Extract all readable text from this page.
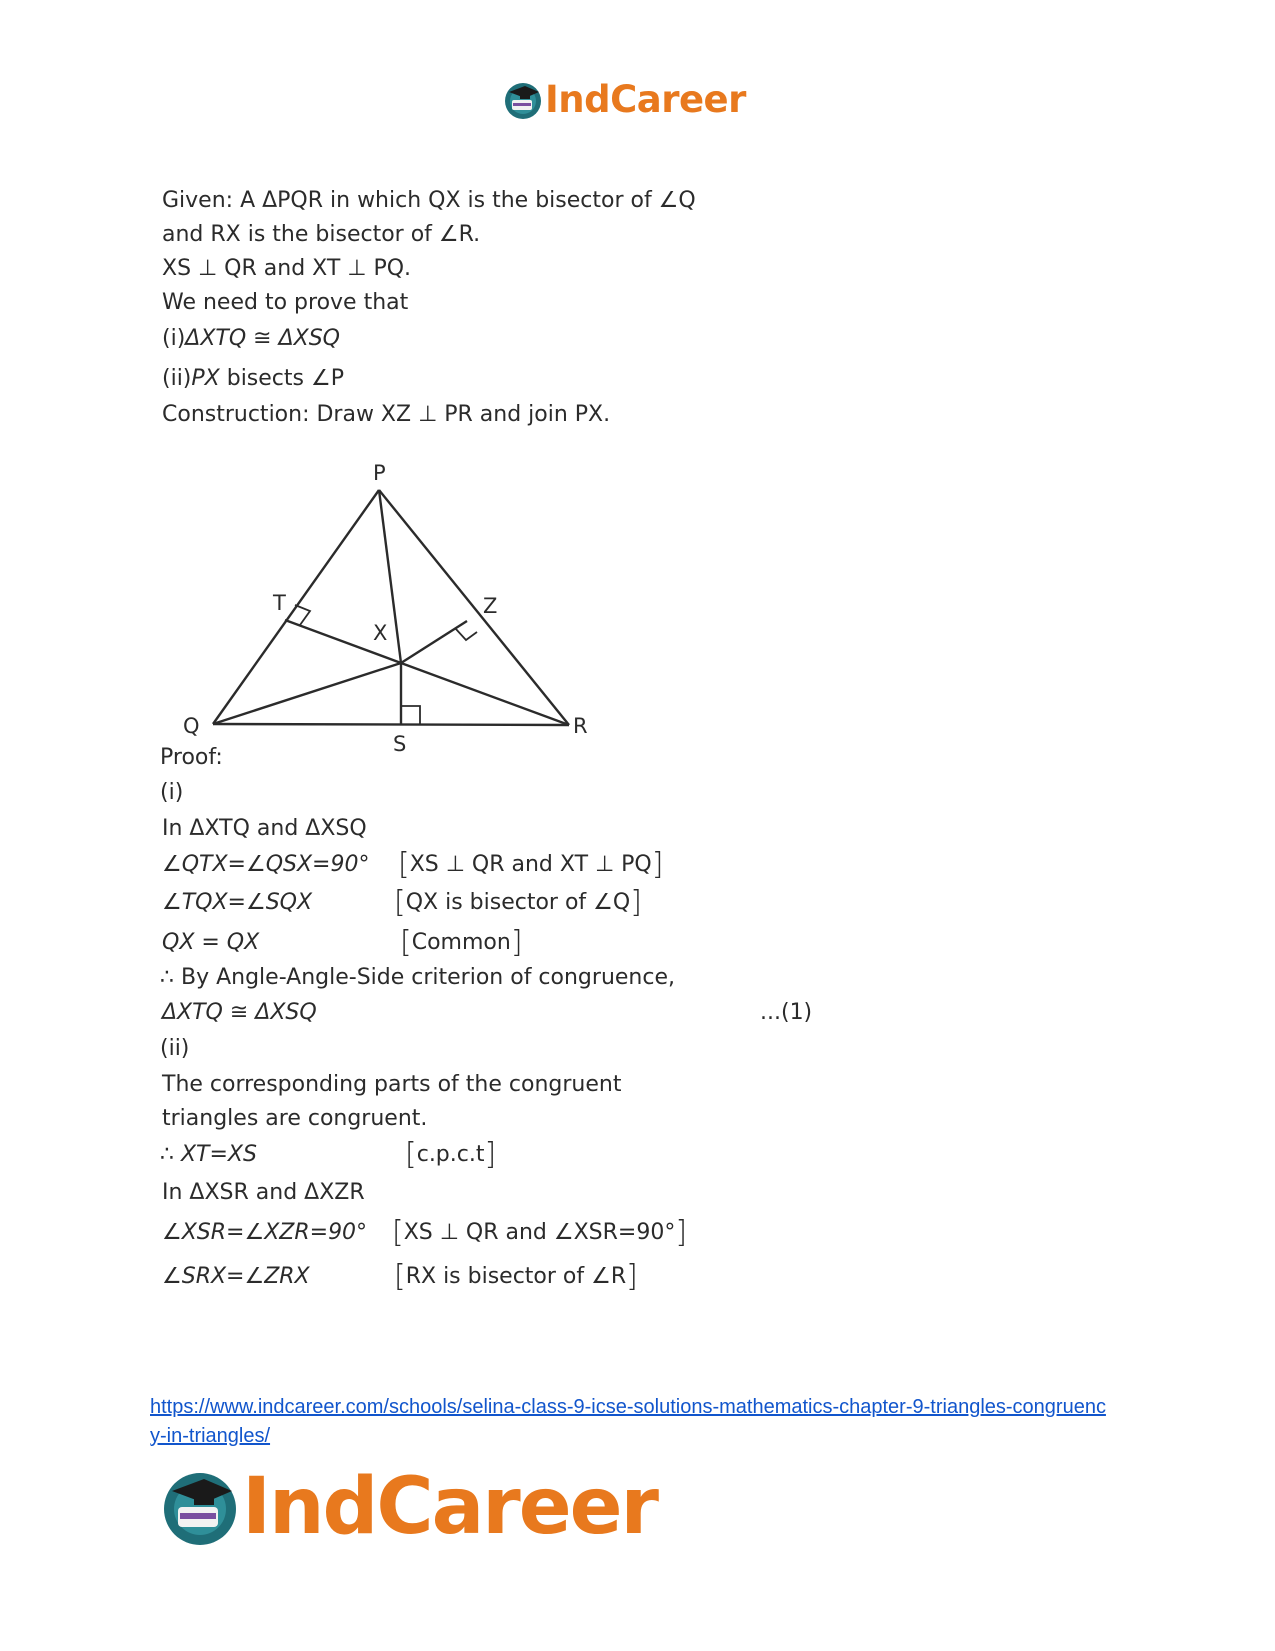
IndCareer
Given: A ΔPQR in which QX is the bisector of ∠Q
and RX is the bisector of ∠R.
XS ⊥ QR and XT ⊥ PQ.
We need to prove that
(i)ΔXTQ ≅ ΔXSQ
(ii)PX bisects ∠P
Construction: Draw XZ ⊥ PR and join PX.
P
T	Z
X
Q
S
R
Proof:
(i)
In ΔXTQ and ΔXSQ
∠QTX=∠QSX=90° [XS ⊥ QR and XT ⊥ PQ]
∠TQX=∠SQX	[QX is bisector of ∠Q]
QX = QX	[Common]
∴ By Angle-Angle-Side criterion of congruence,
ΔXTQ ≅ ΔXSQ	...(1)
(ii)
The corresponding parts of the congruent
triangles are congruent.
∴ XT=XS	[c.p.c.t]
In ΔXSR and ΔXZR
∠XSR=∠XZR=90° [XS ⊥ QR and ∠XSR=90°]
∠SRX=∠ZRX	[RX is bisector of ∠R]
https://www.indcareer.com/schools/selina-class-9-icse-solutions-mathematics-chapter-9-triangles-congruency-in-triangles/
IndCareer
